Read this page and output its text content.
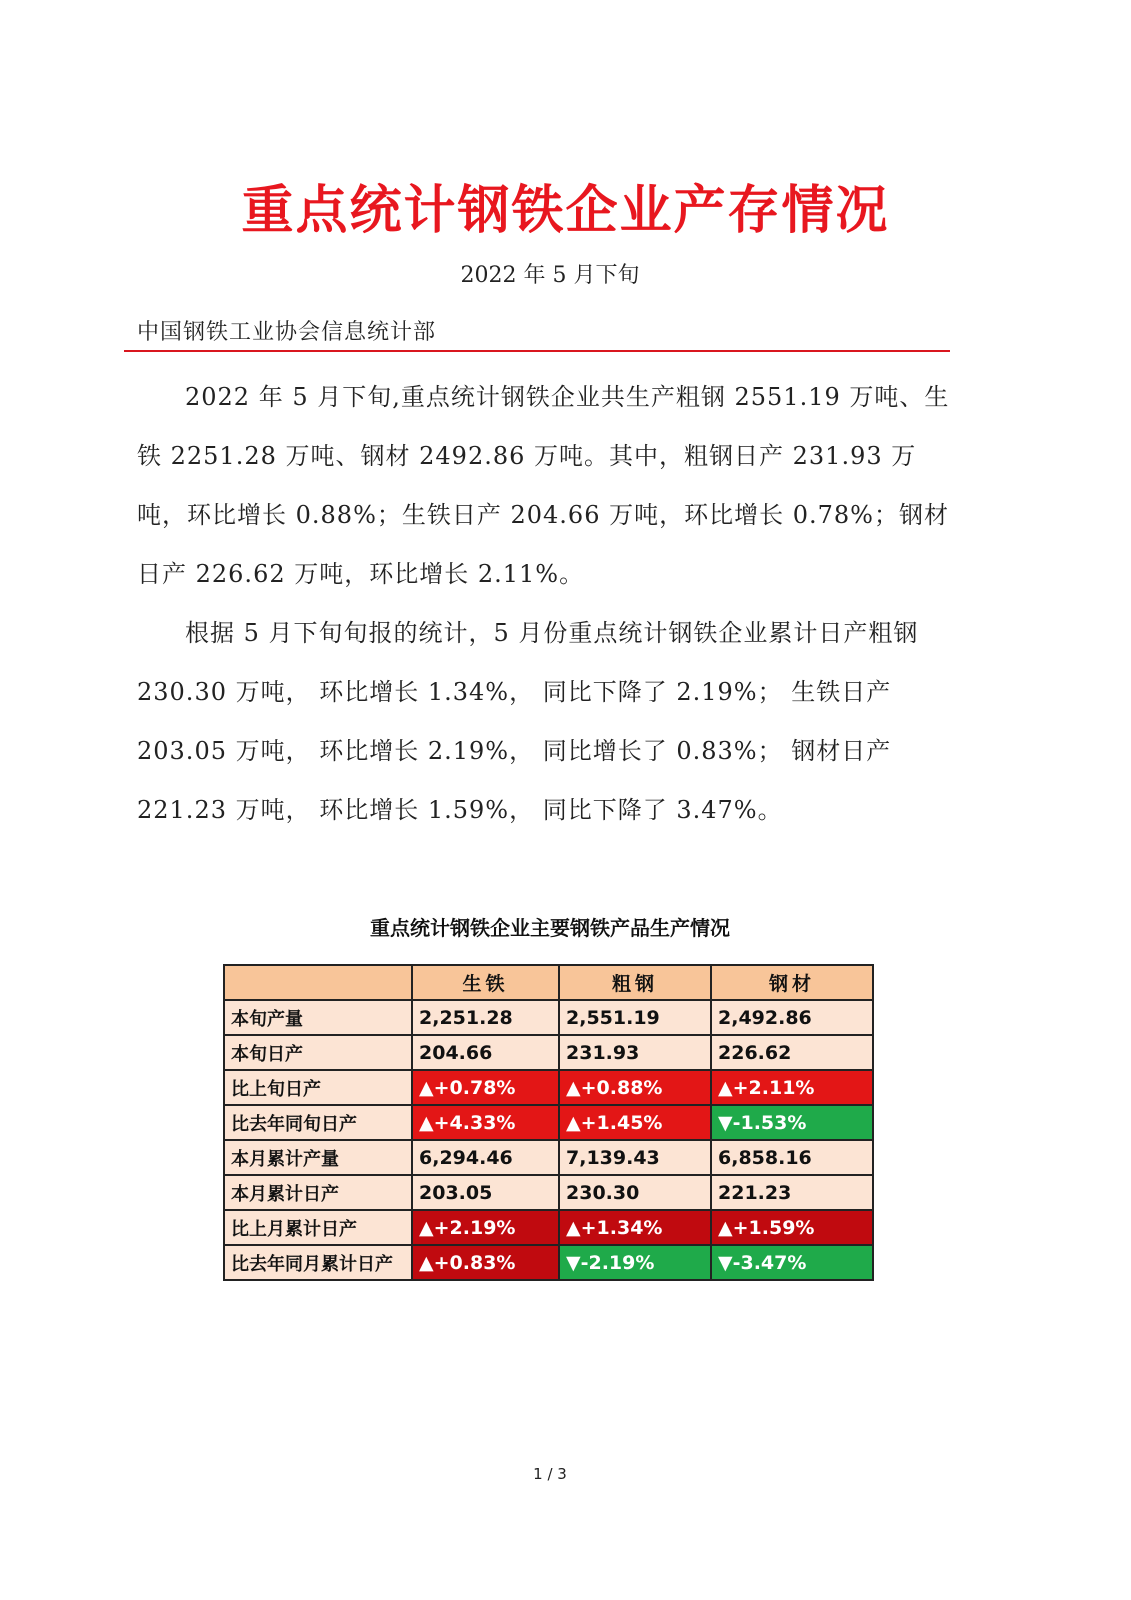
重点统计钢铁企业产存情况
2022 年 5 月下旬
中国钢铁工业协会信息统计部

2022 年 5 月下旬,重点统计钢铁企业共生产粗钢 2551.19 万吨、生铁 2251.28 万吨、钢材 2492.86 万吨。其中，粗钢日产 231.93 万吨，环比增长 0.88%；生铁日产 204.66 万吨，环比增长 0.78%；钢材日产 226.62 万吨，环比增长 2.11%。

根据 5 月下旬旬报的统计，5 月份重点统计钢铁企业累计日产粗钢 230.30 万吨， 环比增长 1.34%， 同比下降了 2.19%； 生铁日产 203.05 万吨， 环比增长 2.19%， 同比增长了 0.83%； 钢材日产 221.23 万吨， 环比增长 1.59%， 同比下降了 3.47%。

重点统计钢铁企业主要钢铁产品生产情况
	生铁	粗钢	钢材
本旬产量	2,251.28	2,551.19	2,492.86
本旬日产	204.66	231.93	226.62
比上旬日产	▲+0.78%	▲+0.88%	▲+2.11%
比去年同旬日产	▲+4.33%	▲+1.45%	▼-1.53%
本月累计产量	6,294.46	7,139.43	6,858.16
本月累计日产	203.05	230.30	221.23
比上月累计日产	▲+2.19%	▲+1.34%	▲+1.59%
比去年同月累计日产	▲+0.83%	▼-2.19%	▼-3.47%
1 / 3
